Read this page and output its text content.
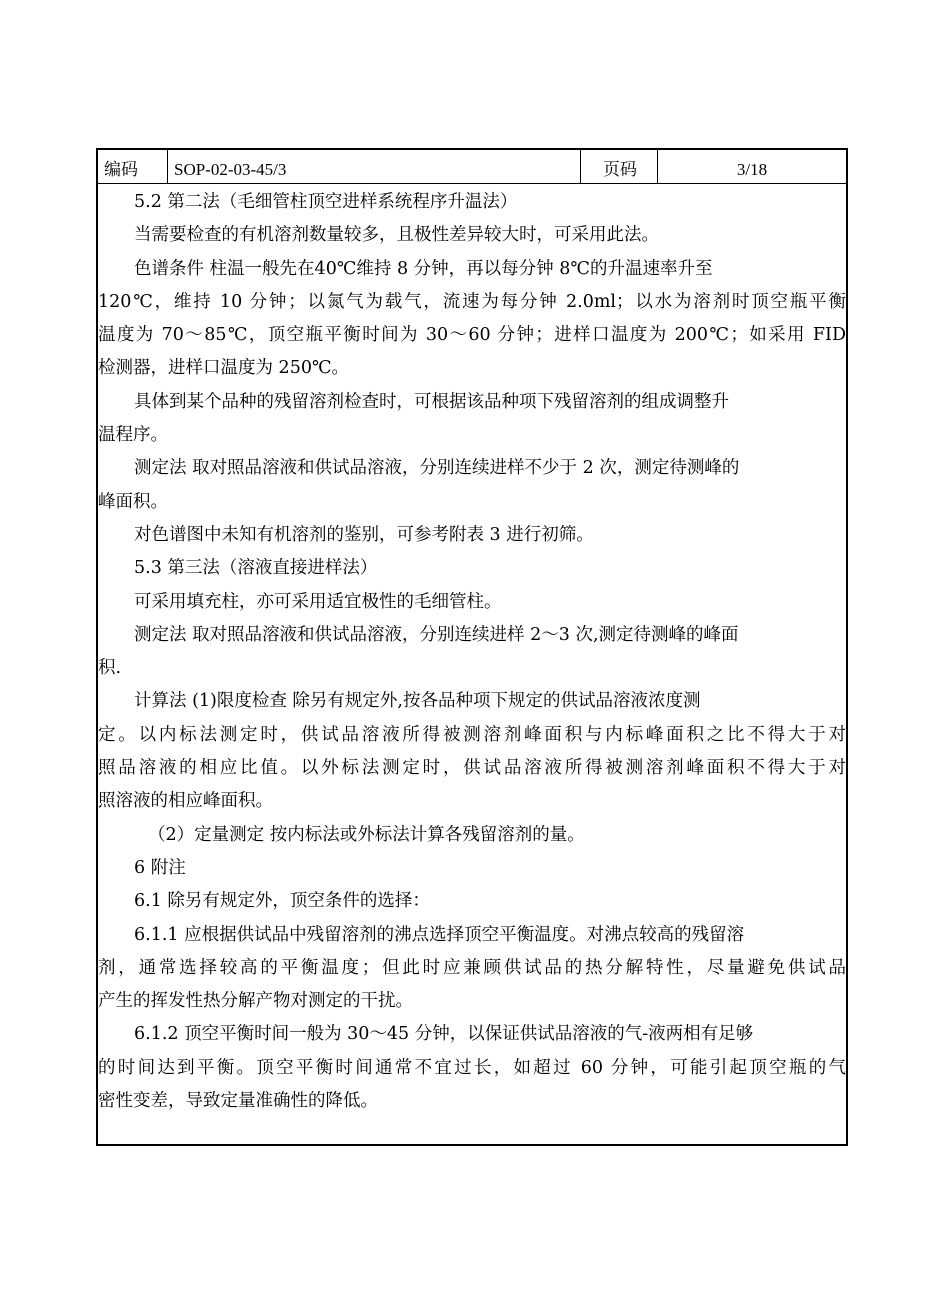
编码	SOP-02-03-45/3	页码	3/18
5.2 第二法（毛细管柱顶空进样系统程序升温法）
当需要检查的有机溶剂数量较多，且极性差异较大时，可采用此法。
色谱条件 柱温一般先在40℃维持 8 分钟，再以每分钟 8℃的升温速率升至
120℃，维持 10 分钟；以氮气为载气，流速为每分钟 2.0ml；以水为溶剂时顶空瓶平衡
温度为 70～85℃，顶空瓶平衡时间为 30～60 分钟；进样口温度为 200℃；如采用 FID
检测器，进样口温度为 250℃。
具体到某个品种的残留溶剂检查时，可根据该品种项下残留溶剂的组成调整升
温程序。
测定法 取对照品溶液和供试品溶液，分别连续进样不少于 2 次，测定待测峰的
峰面积。
对色谱图中未知有机溶剂的鉴别，可参考附表 3 进行初筛。
5.3 第三法（溶液直接进样法）
可采用填充柱，亦可采用适宜极性的毛细管柱。
测定法 取对照品溶液和供试品溶液，分别连续进样 2～3 次,测定待测峰的峰面
积.
计算法 (1)限度检查 除另有规定外,按各品种项下规定的供试品溶液浓度测
定。以内标法测定时，供试品溶液所得被测溶剂峰面积与内标峰面积之比不得大于对
照品溶液的相应比值。以外标法测定时，供试品溶液所得被测溶剂峰面积不得大于对
照溶液的相应峰面积。
（2）定量测定 按内标法或外标法计算各残留溶剂的量。
6 附注
6.1 除另有规定外，顶空条件的选择：
6.1.1 应根据供试品中残留溶剂的沸点选择顶空平衡温度。对沸点较高的残留溶
剂，通常选择较高的平衡温度；但此时应兼顾供试品的热分解特性，尽量避免供试品
产生的挥发性热分解产物对测定的干扰。
6.1.2 顶空平衡时间一般为 30～45 分钟，以保证供试品溶液的气-液两相有足够
的时间达到平衡。顶空平衡时间通常不宜过长，如超过 60 分钟，可能引起顶空瓶的气
密性变差，导致定量准确性的降低。
